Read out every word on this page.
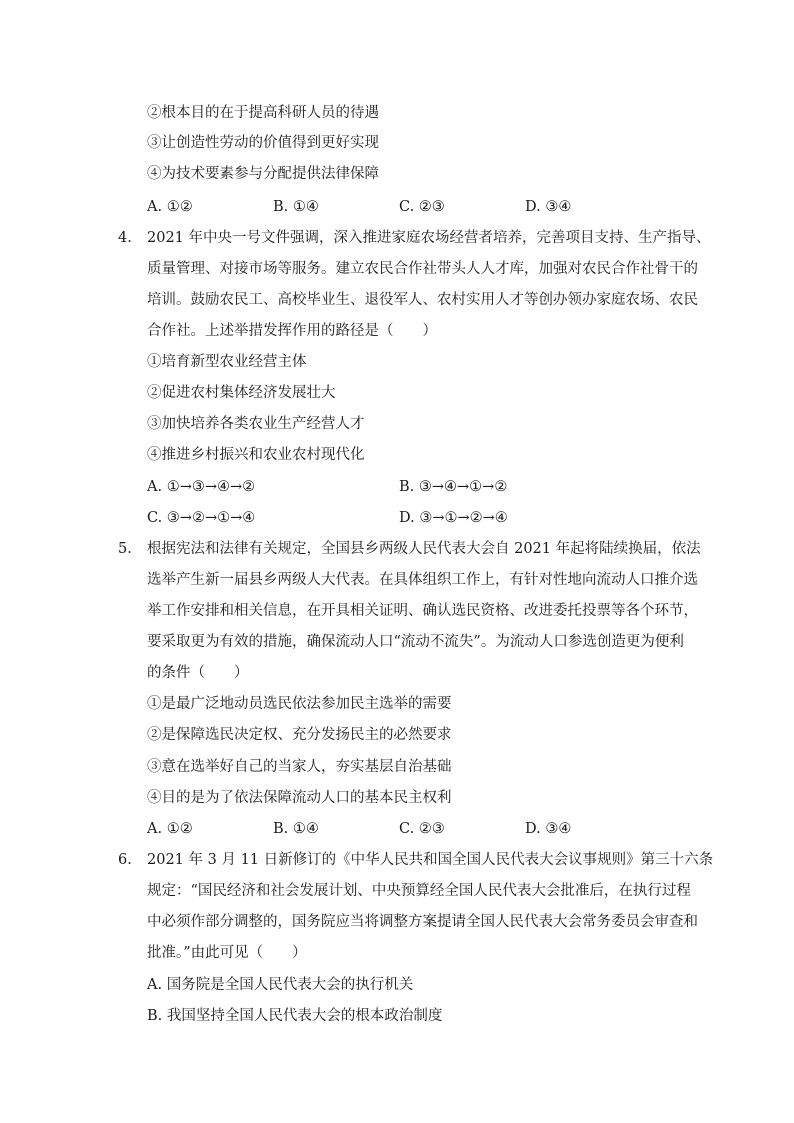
②根本目的在于提高科研人员的待遇
③让创造性劳动的价值得到更好实现
④为技术要素参与分配提供法律保障
A. ①②	B. ①④	C. ②③	D. ③④
4. 2021 年中央一号文件强调，深入推进家庭农场经营者培养，完善项目支持、生产指导、
质量管理、对接市场等服务。建立农民合作社带头人人才库，加强对农民合作社骨干的
培训。鼓励农民工、高校毕业生、退役军人、农村实用人才等创办领办家庭农场、农民
合作社。上述举措发挥作用的路径是（　　）
①培育新型农业经营主体
②促进农村集体经济发展壮大
③加快培养各类农业生产经营人才
④推进乡村振兴和农业农村现代化
A. ①→③→④→②	B. ③→④→①→②
C. ③→②→①→④	D. ③→①→②→④
5. 根据宪法和法律有关规定，全国县乡两级人民代表大会自 2021 年起将陆续换届，依法
选举产生新一届县乡两级人大代表。在具体组织工作上，有针对性地向流动人口推介选
举工作安排和相关信息，在开具相关证明、确认选民资格、改进委托投票等各个环节，
要采取更为有效的措施，确保流动人口“流动不流失”。为流动人口参选创造更为便利
的条件（　　）
①是最广泛地动员选民依法参加民主选举的需要
②是保障选民决定权、充分发扬民主的必然要求
③意在选举好自己的当家人，夯实基层自治基础
④目的是为了依法保障流动人口的基本民主权利
A. ①②	B. ①④	C. ②③	D. ③④
6. 2021 年 3 月 11 日新修订的《中华人民共和国全国人民代表大会议事规则》第三十六条
规定：“国民经济和社会发展计划、中央预算经全国人民代表大会批准后，在执行过程
中必须作部分调整的，国务院应当将调整方案提请全国人民代表大会常务委员会审查和
批准。”由此可见（　　）
A. 国务院是全国人民代表大会的执行机关
B. 我国坚持全国人民代表大会的根本政治制度
